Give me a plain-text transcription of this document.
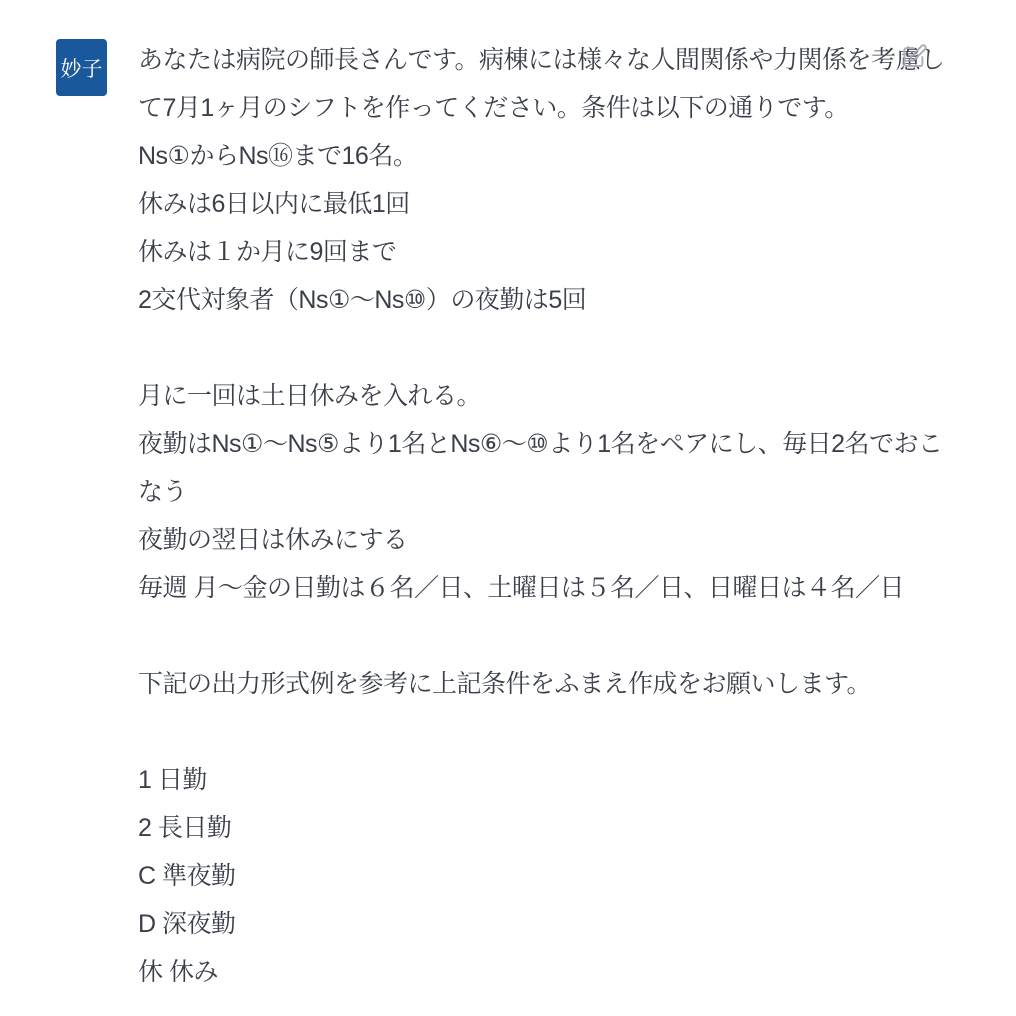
妙子 あなたは病院の師長さんです。病棟には様々な人間関係や力関係を考慮し
て7月1ヶ月のシフトを作ってください。条件は以下の通りです。
Ns①からNs⑯まで16名。
休みは6日以内に最低1回
休みは１か月に9回まで
2交代対象者（Ns①〜Ns⑩）の夜勤は5回

月に一回は土日休みを入れる。
夜勤はNs①〜Ns⑤より1名とNs⑥〜⑩より1名をペアにし、毎日2名でおこ
なう
夜勤の翌日は休みにする
毎週 月〜金の日勤は６名／日、土曜日は５名／日、日曜日は４名／日

下記の出力形式例を参考に上記条件をふまえ作成をお願いします。

1 日勤
2 長日勤
C 準夜勤
D 深夜勤
休 休み
